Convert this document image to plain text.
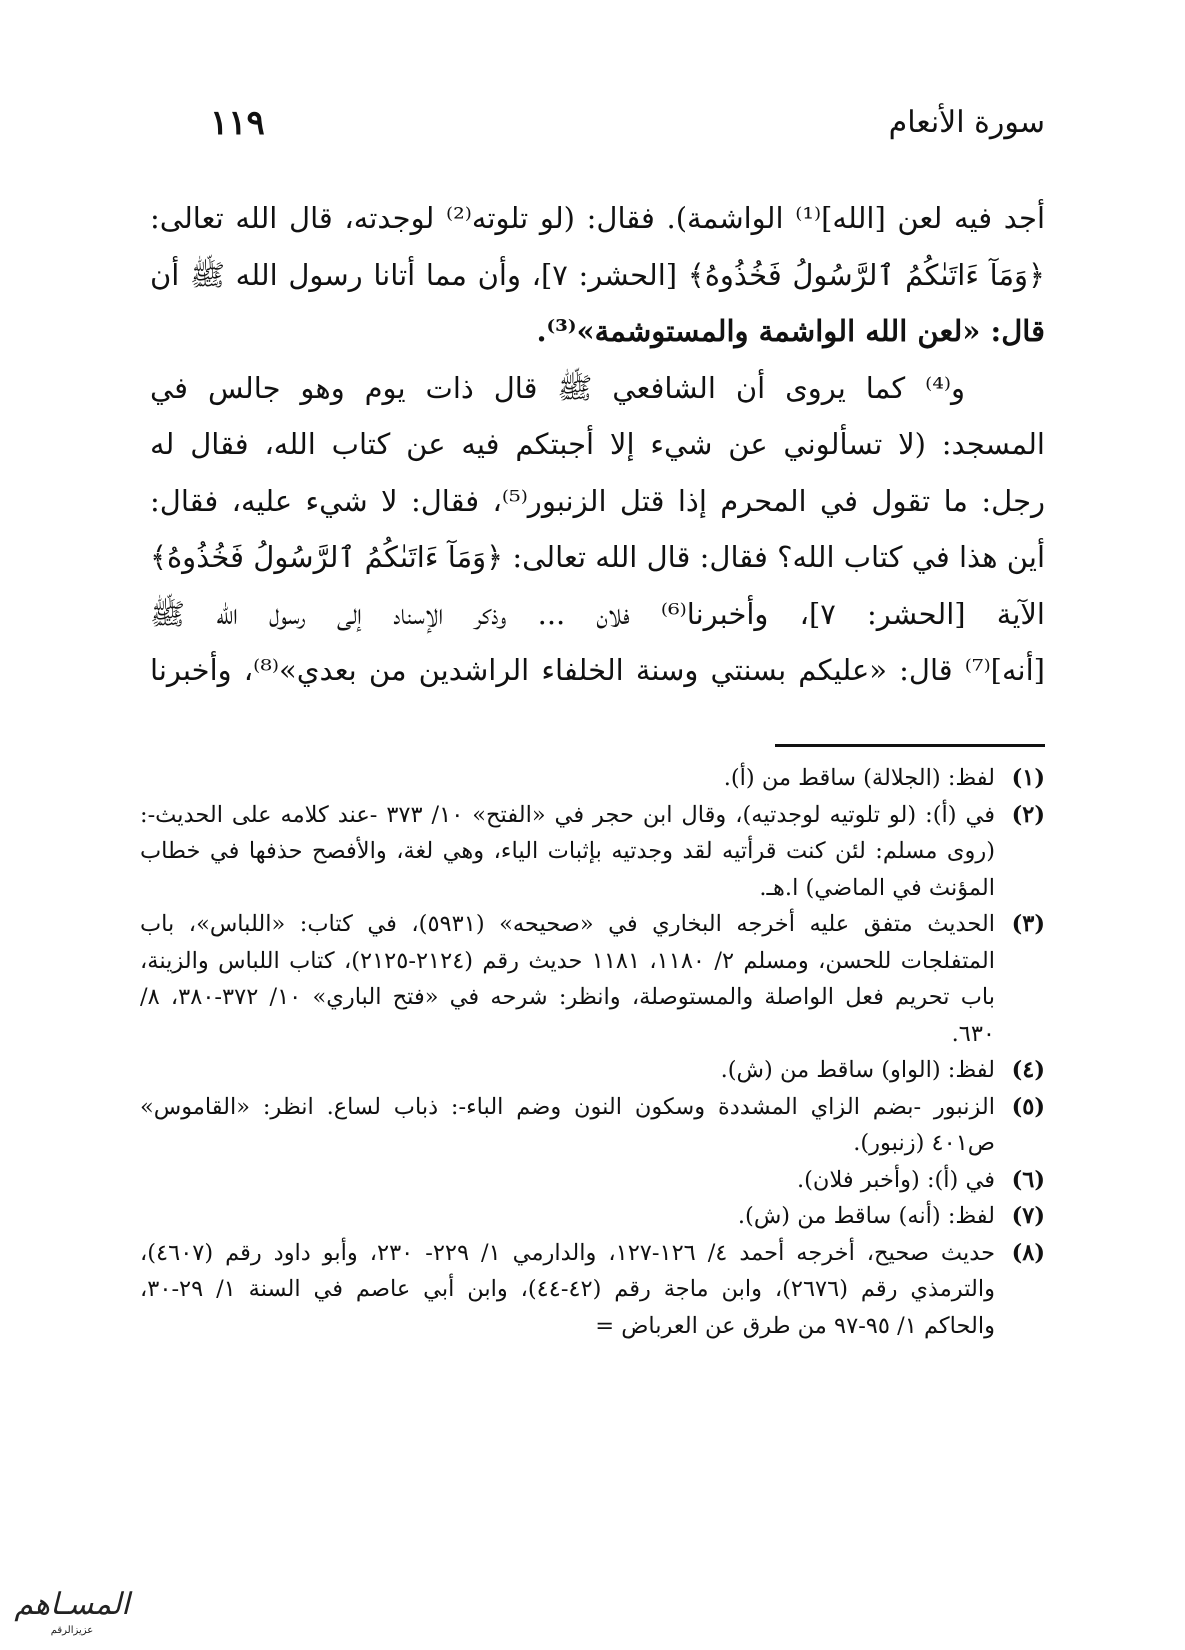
سورة الأنعام
١١٩

أجد فيه لعن [الله]⁽¹⁾ الواشمة). فقال: (لو تلوته⁽²⁾ لوجدته، قال الله تعالى:

﴿وَمَآ ءَاتَىٰكُمُ ٱلرَّسُولُ فَخُذُوهُ﴾ [الحشر: ٧]، وأن مما أتانا رسول الله ﷺ أن

قال: «لعن الله الواشمة والمستوشمة»⁽³⁾.

و⁽⁴⁾ كما يروى أن الشافعي ﷺ قال ذات يوم وهو جالس في

المسجد: (لا تسألوني عن شيء إلا أجبتكم فيه عن كتاب الله، فقال له

رجل: ما تقول في المحرم إذا قتل الزنبور⁽⁵⁾، فقال: لا شيء عليه، فقال:

أين هذا في كتاب الله؟ فقال: قال الله تعالى: ﴿وَمَآ ءَاتَىٰكُمُ ٱلرَّسُولُ فَخُذُوهُ﴾

الآية [الحشر: ٧]، وأخبرنا⁽⁶⁾ فلان ... وذكر الإسناد إلى رسول الله ﷺ

[أنه]⁽⁷⁾ قال: «عليكم بسنتي وسنة الخلفاء الراشدين من بعدي»⁽⁸⁾، وأخبرنا

(١)
لفظ: (الجلالة) ساقط من (أ).
(٢)
في (أ): (لو تلوتيه لوجدتيه)، وقال ابن حجر في «الفتح» ١٠/ ٣٧٣ -عند كلامه على الحديث-: (روى مسلم: لئن كنت قرأتيه لقد وجدتيه بإثبات الياء، وهي لغة، والأفصح حذفها في خطاب المؤنث في الماضي) ا.هـ.
(٣)
الحديث متفق عليه أخرجه البخاري في «صحيحه» (٥٩٣١)، في كتاب: «اللباس»، باب المتفلجات للحسن، ومسلم ٢/ ١١٨٠، ١١٨١ حديث رقم (٢١٢٤-٢١٢٥)، كتاب اللباس والزينة، باب تحريم فعل الواصلة والمستوصلة، وانظر: شرحه في «فتح الباري» ١٠/ ٣٧٢-٣٨٠، ٨/ ٦٣٠.
(٤)
لفظ: (الواو) ساقط من (ش).
(٥)
الزنبور -بضم الزاي المشددة وسكون النون وضم الباء-: ذباب لساع. انظر: «القاموس» ص٤٠١ (زنبور).
(٦)
في (أ): (وأخبر فلان).
(٧)
لفظ: (أنه) ساقط من (ش).
(٨)
حديث صحيح، أخرجه أحمد ٤/ ١٢٦-١٢٧، والدارمي ١/ ٢٢٩- ٢٣٠، وأبو داود رقم (٤٦٠٧)، والترمذي رقم (٢٦٧٦)، وابن ماجة رقم (٤٢-٤٤)، وابن أبي عاصم في السنة ١/ ٢٩-٣٠، والحاكم ١/ ٩٥-٩٧ من طرق عن العرباض =
المسـ‍اهم
عزيزالرقم
